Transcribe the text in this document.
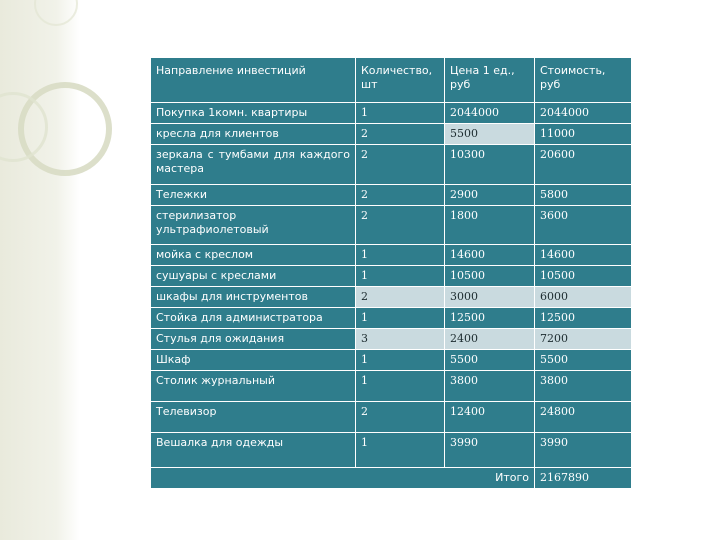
Направление инвестиций	Количество, шт	Цена 1 ед., руб	Стоимость, руб
Покупка 1комн. квартиры	1	2044000	2044000
кресла для клиентов	2	5500	11000
зеркала с тумбами для каждого мастера	2	10300	20600
Тележки	2	2900	5800
стерилизатор ультрафиолетовый	2	1800	3600
мойка с креслом	1	14600	14600
сушуары с креслами	1	10500	10500
шкафы для инструментов	2	3000	6000
Стойка для администратора	1	12500	12500
Стулья для ожидания	3	2400	7200
Шкаф	1	5500	5500
Столик журнальный	1	3800	3800
Телевизор	2	12400	24800
Вешалка для одежды	1	3990	3990
Итого			2167890
